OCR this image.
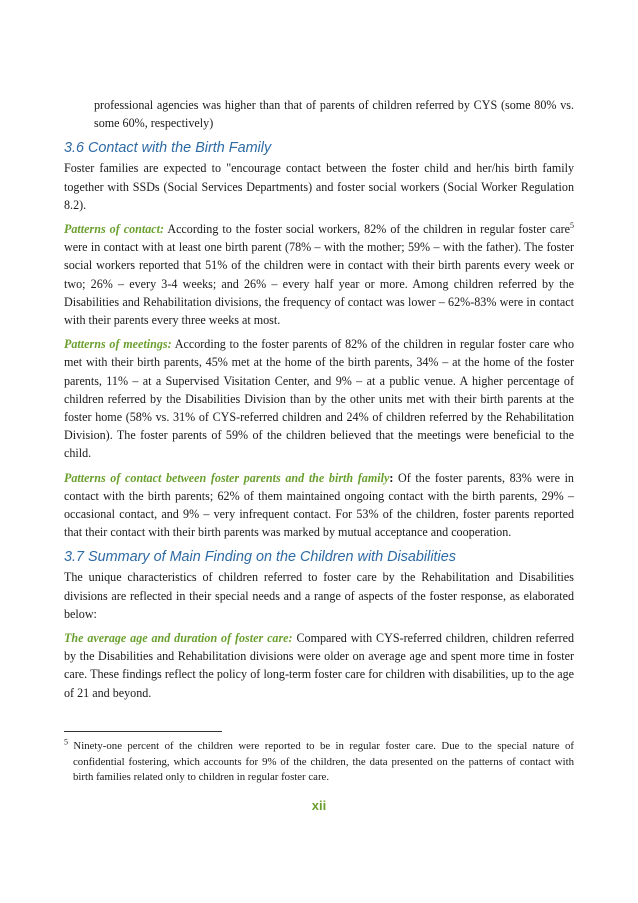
professional agencies was higher than that of parents of children referred by CYS (some 80% vs. some 60%, respectively)

3.6 Contact with the Birth Family

Foster families are expected to "encourage contact between the foster child and her/his birth family together with SSDs (Social Services Departments) and foster social workers (Social Worker Regulation 8.2).

Patterns of contact: According to the foster social workers, 82% of the children in regular foster care$^5$ were in contact with at least one birth parent (78% – with the mother; 59% – with the father). The foster social workers reported that 51% of the children were in contact with their birth parents every week or two; 26% – every 3-4 weeks; and 26% – every half year or more. Among children referred by the Disabilities and Rehabilitation divisions, the frequency of contact was lower – 62%-83% were in contact with their parents every three weeks at most.

Patterns of meetings: According to the foster parents of 82% of the children in regular foster care who met with their birth parents, 45% met at the home of the birth parents, 34% – at the home of the foster parents, 11% – at a Supervised Visitation Center, and 9% – at a public venue. A higher percentage of children referred by the Disabilities Division than by the other units met with their birth parents at the foster home (58% vs. 31% of CYS-referred children and 24% of children referred by the Rehabilitation Division). The foster parents of 59% of the children believed that the meetings were beneficial to the child.

Patterns of contact between foster parents and the birth family: Of the foster parents, 83% were in contact with the birth parents; 62% of them maintained ongoing contact with the birth parents, 29% – occasional contact, and 9% – very infrequent contact. For 53% of the children, foster parents reported that their contact with their birth parents was marked by mutual acceptance and cooperation.

3.7 Summary of Main Finding on the Children with Disabilities

The unique characteristics of children referred to foster care by the Rehabilitation and Disabilities divisions are reflected in their special needs and a range of aspects of the foster response, as elaborated below:

The average age and duration of foster care: Compared with CYS-referred children, children referred by the Disabilities and Rehabilitation divisions were older on average age and spent more time in foster care. These findings reflect the policy of long-term foster care for children with disabilities, up to the age of 21 and beyond.

$^5$ Ninety-one percent of the children were reported to be in regular foster care. Due to the special nature of confidential fostering, which accounts for 9% of the children, the data presented on the patterns of contact with birth families related only to children in regular foster care.
xii
